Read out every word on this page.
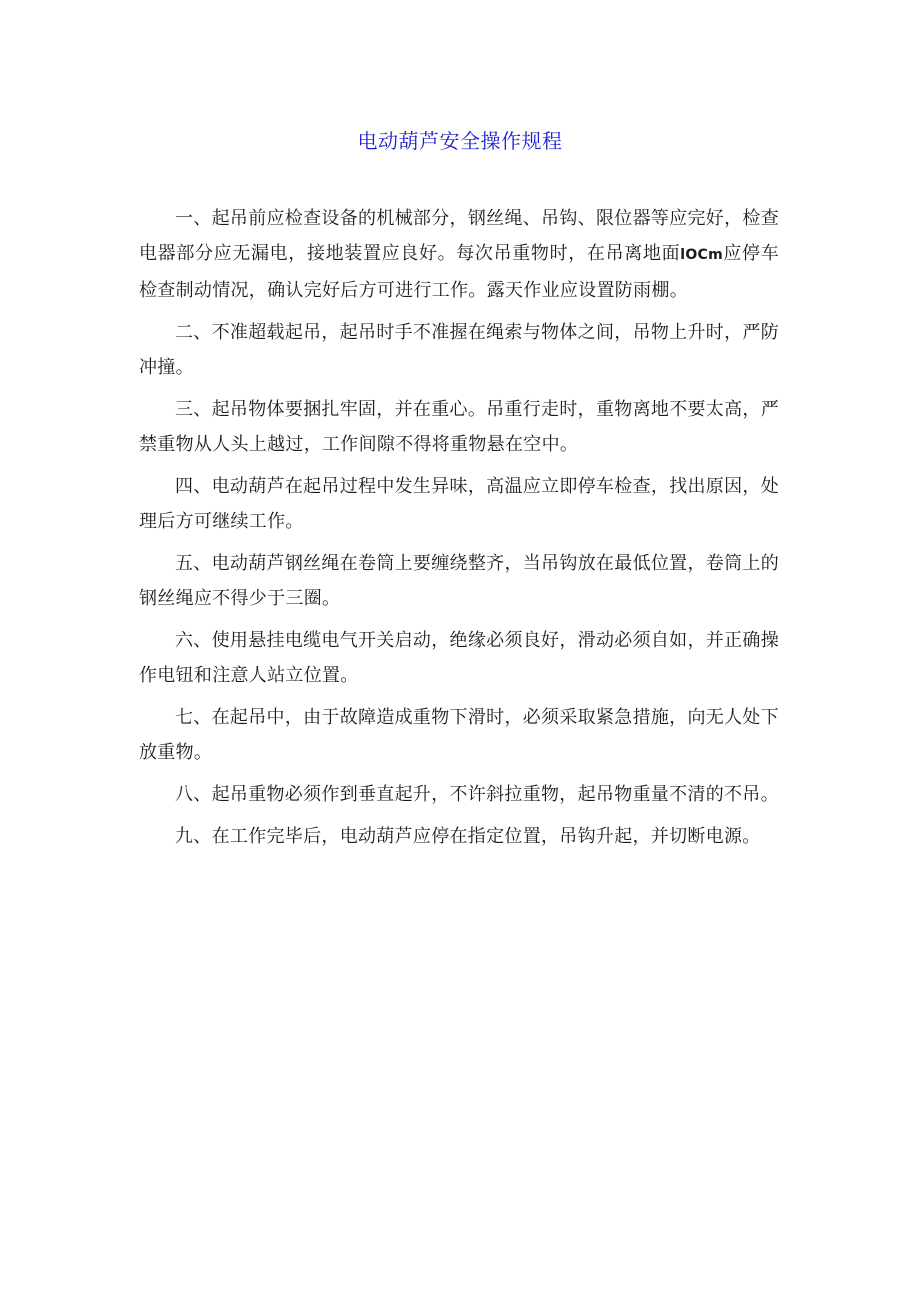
电动葫芦安全操作规程

一、起吊前应检查设备的机械部分，钢丝绳、吊钩、限位器等应完好，检查电器部分应无漏电，接地装置应良好。每次吊重物时，在吊离地面lOCm应停车检查制动情况，确认完好后方可进行工作。露天作业应设置防雨棚。

二、不准超载起吊，起吊时手不准握在绳索与物体之间，吊物上升时，严防冲撞。

三、起吊物体要捆扎牢固，并在重心。吊重行走时，重物离地不要太高，严禁重物从人头上越过，工作间隙不得将重物悬在空中。

四、电动葫芦在起吊过程中发生异味，高温应立即停车检查，找出原因，处理后方可继续工作。

五、电动葫芦钢丝绳在卷筒上要缠绕整齐，当吊钩放在最低位置，卷筒上的钢丝绳应不得少于三圈。

六、使用悬挂电缆电气开关启动，绝缘必须良好，滑动必须自如，并正确操作电钮和注意人站立位置。

七、在起吊中，由于故障造成重物下滑时，必须采取紧急措施，向无人处下放重物。

八、起吊重物必须作到垂直起升，不许斜拉重物，起吊物重量不清的不吊。

九、在工作完毕后，电动葫芦应停在指定位置，吊钩升起，并切断电源。
